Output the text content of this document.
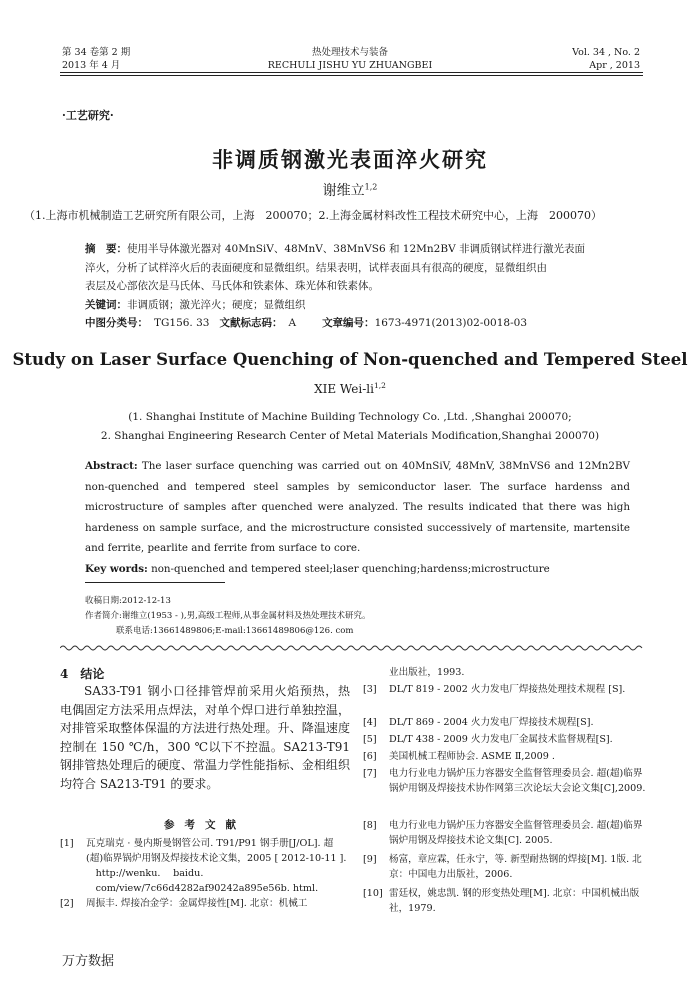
第 34 卷第 2 期
2013 年 4 月
热处理技术与装备
RECHULI JISHU YU ZHUANGBEI
Vol. 34 , No. 2
Apr , 2013
·工艺研究·
非调质钢激光表面淬火研究
谢维立$^{1,2}$
（1.上海市机械制造工艺研究所有限公司，上海　200070；2.上海金属材料改性工程技术研究中心，上海　200070）
摘　要：使用半导体激光器对 40MnSiV、48MnV、38MnVS6 和 12Mn2BV 非调质钢试样进行激光表面
淬火，分析了试样淬火后的表面硬度和显微组织。结果表明，试样表面具有很高的硬度，显微组织由
表层及心部依次是马氏体、马氏体和铁素体、珠光体和铁素体。
关键词：非调质钢；激光淬火；硬度；显微组织
中图分类号： TG156. 33 文献标志码： A 文章编号：1673-4971(2013)02-0018-03
Study on Laser Surface Quenching of Non-quenched and Tempered Steel
XIE Wei-li$^{1,2}$
(1. Shanghai Institute of Machine Building Technology Co. ,Ltd. ,Shanghai 200070;
2. Shanghai Engineering Research Center of Metal Materials Modification,Shanghai 200070)

Abstract: The laser surface quenching was carried out on 40MnSiV, 48MnV, 38MnVS6 and 12Mn2BV non-quenched and tempered steel samples by semiconductor laser. The surface hardenss and microstructure of samples after quenched were analyzed. The results indicated that there was high hardeness on sample surface, and the microstructure consisted successively of martensite, martensite and ferrite, pearlite and ferrite from surface to core.

Key words: non-quenched and tempered steel;laser quenching;hardenss;microstructure

收稿日期:2012-12-13
作者简介:谢维立(1953 - ),男,高级工程师,从事金属材料及热处理技术研究。
联系电话:13661489806;E-mail:13661489806@126. com
4　结论

SA33-T91 钢小口径排管焊前采用火焰预热，热电偶固定方法采用点焊法，对单个焊口进行单独控温，对排管采取整体保温的方法进行热处理。升、降温速度控制在 150 ℃/h，300 ℃以下不控温。SA213-T91 钢排管热处理后的硬度、常温力学性能指标、金相组织均符合 SA213-T91 的要求。

参考文献
[1] 瓦克瑞克 · 曼内斯曼钢管公司. T91/P91 钢手册[J/OL]. 超(超)临界锅炉用钢及焊接技术论文集，2005 [ 2012-10-11 ]. 　http://wenku. 　baidu. 　com/view/7c66d4282af90242a895e56b. html.
[2] 周振丰. 焊接冶金学：金属焊接性[M]. 北京：机械工
业出版社，1993.
[3] DL/T 819 - 2002 火力发电厂焊接热处理技术规程 [S].
[4] DL/T 869 - 2004 火力发电厂焊接技术规程[S].
[5] DL/T 438 - 2009 火力发电厂金属技术监督规程[S].
[6] 美国机械工程师协会. ASME Ⅱ,2009 .
[7] 电力行业电力锅炉压力容器安全监督管理委员会. 超(超)临界锅炉用钢及焊接技术协作网第三次论坛大会论文集[C],2009.
[8] 电力行业电力锅炉压力容器安全监督管理委员会. 超(超)临界锅炉用钢及焊接技术论文集[C]. 2005.
[9] 杨富，章应霖，任永宁，等. 新型耐热钢的焊接[M]. 1版. 北京：中国电力出版社，2006.
[10] 雷廷权，姚忠凯. 钢的形变热处理[M]. 北京：中国机械出版社，1979.
万方数据
